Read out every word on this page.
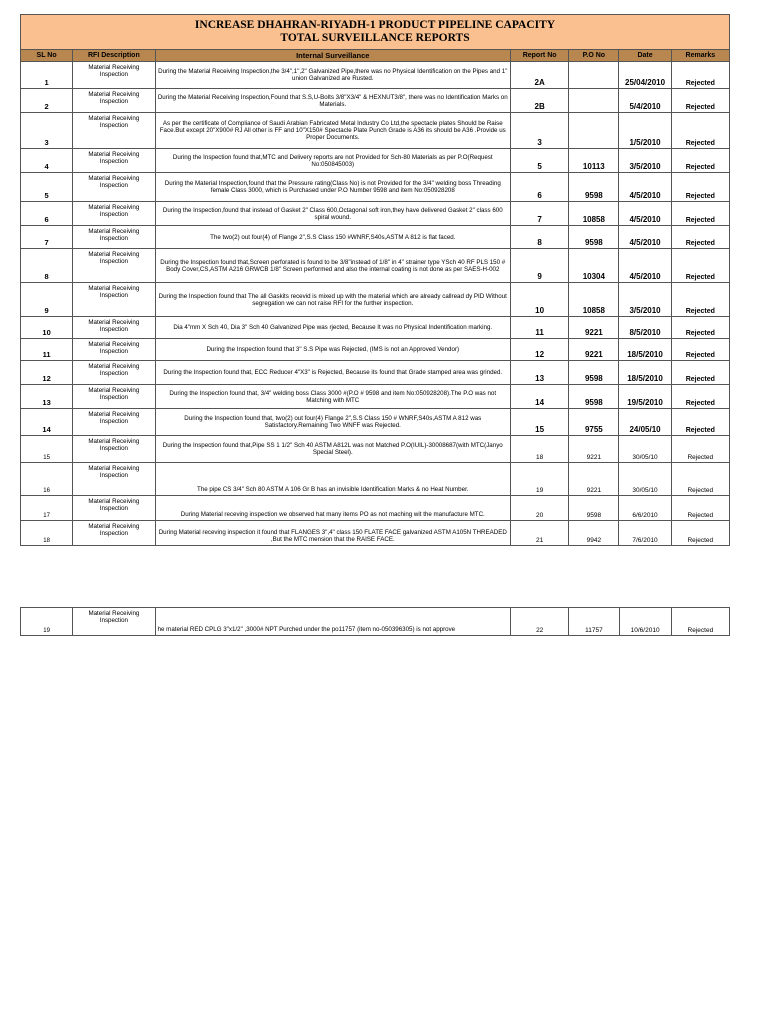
INCREASE DHAHRAN-RIYADH-1 PRODUCT PIPELINE CAPACITY
TOTAL SURVEILLANCE REPORTS						

SL No	RFI Description	Internal Surveillance	Report No	P.O No	Date	Remarks
1	Material Receiving Inspection	During the Material Receiving Inspection,the 3/4",1",2" Galvanized Pipe,there was no Physical Identification on the Pipes and 1" union Galvanized are Rusted.	2A		25/04/2010	Rejected
2	Material Receiving Inspection	During the Material Receiving Inspection,Found that S.S,U-Bolts 3/8"X3/4" & HEXNUT3/8", there was no Identification Marks on Materials.	2B		5/4/2010	Rejected
3	Material Receiving Inspection	As per the certificate of Compliance of Saudi Arabian Fabricated Metal Industry Co Ltd,the spectacle plates Should be Raise Face.But except 20"X900# RJ All other is FF and 10"X150# Spectacle Plate Punch Grade is A36 its should be A36 .Provide us Proper Documents.	3		1/5/2010	Rejected
4	Material Receiving Inspection	During the Inspection found that,MTC and Delivery reports are not Provided for Sch-80 Materials as per P.O(Request No:050845003)	5	10113	3/5/2010	Rejected
5	Material Receiving Inspection	During the Material Inspection,found that the Pressure rating(Class No) is not Provided for the 3/4" welding boss Threading female Class 3000, which is Purchased under P.O Number 9598 and item No:050928208	6	9598	4/5/2010	Rejected
6	Material Receiving Inspection	During the Inspection,found that instead of Gasket 2" Class 600,Octagonal soft iron,they have delivered Gasket 2" class 600 spiral wound.	7	10858	4/5/2010	Rejected
7	Material Receiving Inspection	The two(2) out four(4) of Flange 2",S.S Class 150 #WNRF,S40s,ASTM A 812 is flat faced.	8	9598	4/5/2010	Rejected
8	Material Receiving Inspection	During the Inspection found that,Screen perforated is found to be 3/8"instead of 1/8" in 4" strainer type YSch 40 RF PLS 150 # Body Cover,CS,ASTM A216 GRWCB 1/8" Screen performed and also the internal coating is not done as per SAES-H-002	9	10304	4/5/2010	Rejected
9	Material Receiving Inspection	During the Inspection found that The all Gaskits recevid is mixed up with the material which are already callread dy PID Without segregation we can not raise RFI for the further inspection.	10	10858	3/5/2010	Rejected
10	Material Receiving Inspection	Dia 4"mm X Sch 40, Dia 3" Sch 40 Galvanized Pipe was rjected, Because It was no Physical Indentification marking.	11	9221	8/5/2010	Rejected
11	Material Receiving Inspection	During the Inspection found that 3" S.S Pipe was Rejected, (IMS is not an Approved Vendor)	12	9221	18/5/2010	Rejected
12	Material Receiving Inspection	During the Inspection found that, ECC Reducer 4"X3" is Rejected, Because its found that Grade stamped area was grinded.	13	9598	18/5/2010	Rejected
13	Material Receiving Inspection	During the Inspection found that, 3/4" welding boss Class 3000 #(P.O # 9598 and item No:050928208).The P.O was not Matching with MTC	14	9598	19/5/2010	Rejected
14	Material Receiving Inspection	During the Inspection found that, two(2) out four(4) Flange 2",S.S Class 150 # WNRF,S40s,ASTM A 812 was Satisfactory.Remaining Two WNFF was Rejected.	15	9755	24/05/10	Rejected
15	Material Receiving Inspection	During the Inspection found that,Pipe SS 1 1/2" Sch 40 ASTM A812L was not Matched P.O(IUIL)-30008687(with MTC(Janyo Special Steel).	18	9221	30/05/10	Rejected
16	Material Receiving Inspection	The pipe CS 3/4" Sch 80 ASTM A 106 Gr B has an invisible Identification Marks & no Heat Number.	19	9221	30/05/10	Rejected
17	Material Receiving Inspection	During Material receving inspection we observed hat many items PO as not maching wit the manufacture MTC.	20	9598	6/6/2010	Rejected
18	Material Receiving Inspection	During Material receving inspection it found that FLANGES 3",4" class 150 FLATE FACE galvanized ASTM A105N THREADED ,But the MTC mension that the RAISE FACE.	21	9942	7/6/2010	Rejected
19	Material Receiving Inspection	he material RED CPLG 3"x1/2" ,3000# NPT Purched under the po11757 (item no-050396305) is not approve	22	11757	10/6/2010	Rejected
